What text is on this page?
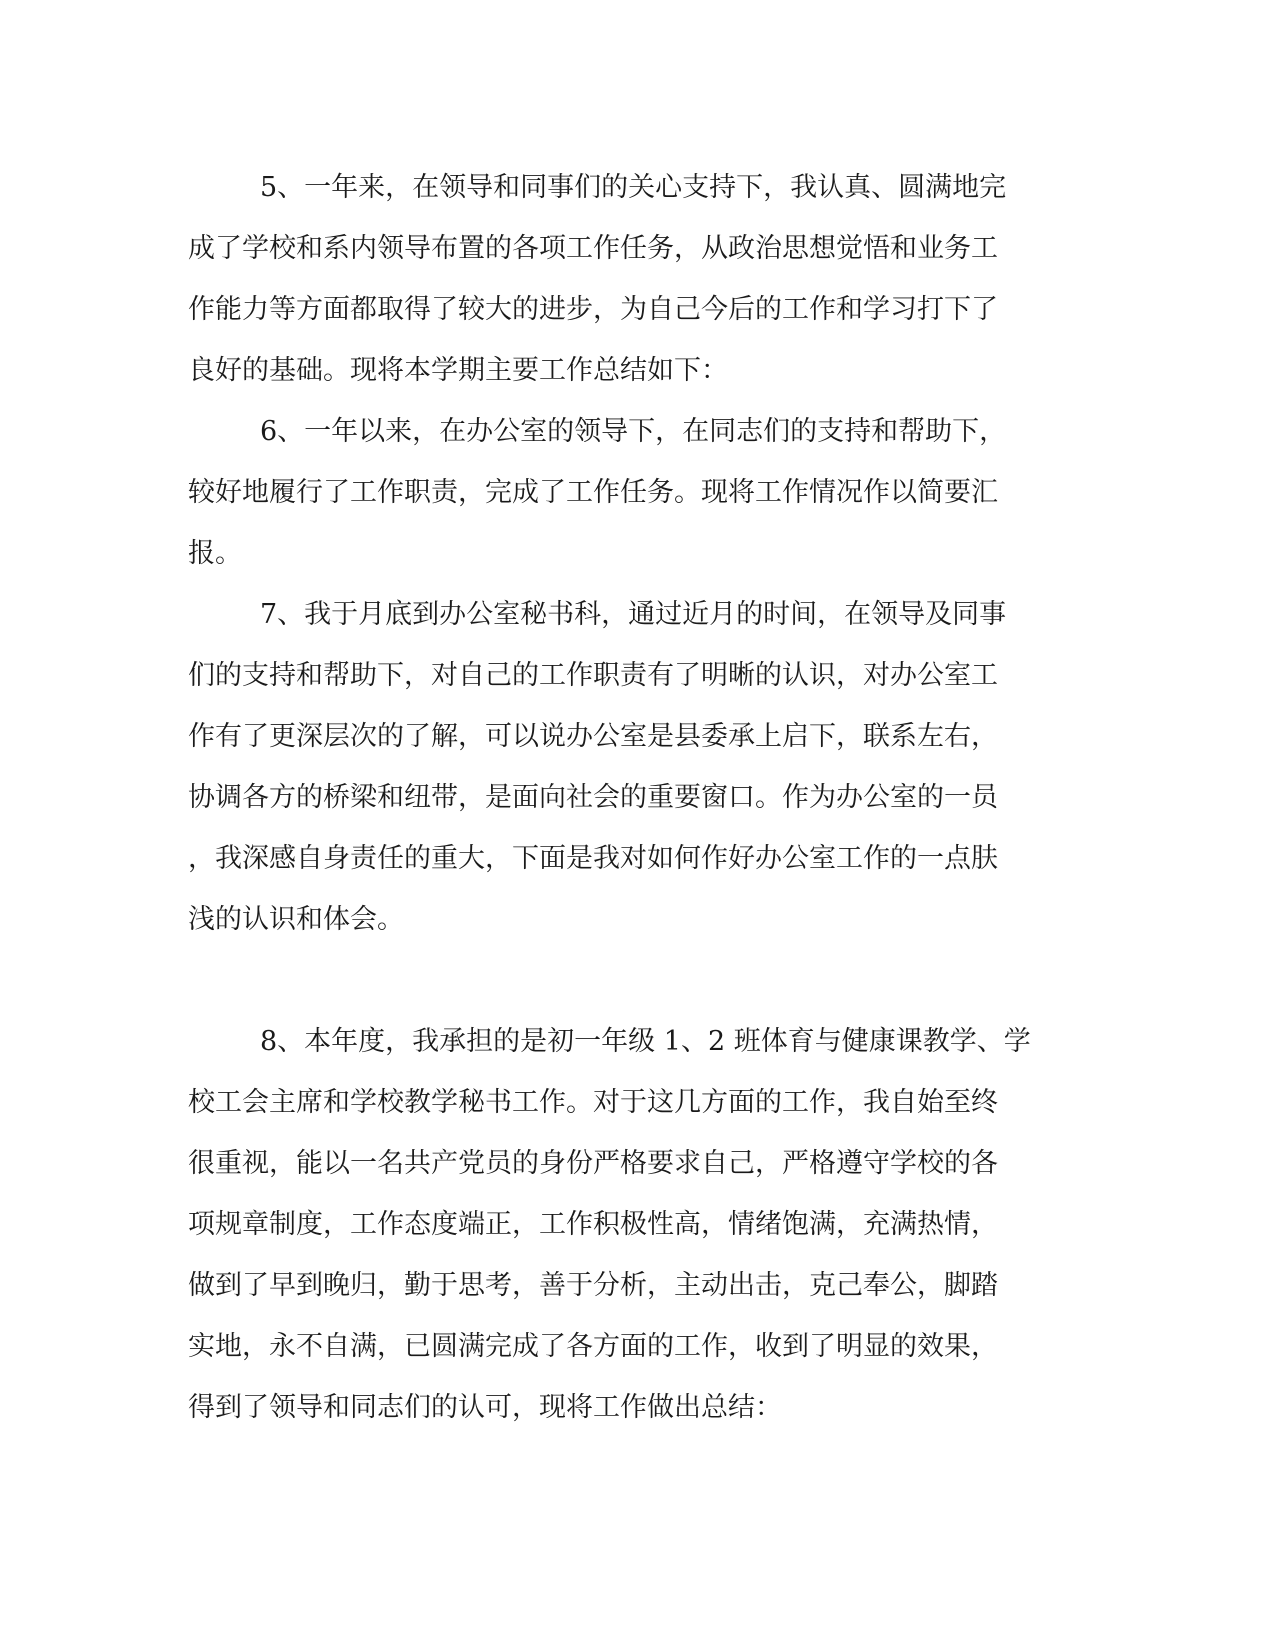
5、一年来，在领导和同事们的关心支持下，我认真、圆满地完
成了学校和系内领导布置的各项工作任务，从政治思想觉悟和业务工
作能力等方面都取得了较大的进步，为自己今后的工作和学习打下了
良好的基础。现将本学期主要工作总结如下：
6、一年以来，在办公室的领导下，在同志们的支持和帮助下，
较好地履行了工作职责，完成了工作任务。现将工作情况作以简要汇
报。
7、我于月底到办公室秘书科，通过近月的时间，在领导及同事
们的支持和帮助下，对自己的工作职责有了明晰的认识，对办公室工
作有了更深层次的了解，可以说办公室是县委承上启下，联系左右，
协调各方的桥梁和纽带，是面向社会的重要窗口。作为办公室的一员
，我深感自身责任的重大，下面是我对如何作好办公室工作的一点肤
浅的认识和体会。
8、本年度，我承担的是初一年级 1、2 班体育与健康课教学、学
校工会主席和学校教学秘书工作。对于这几方面的工作，我自始至终
很重视，能以一名共产党员的身份严格要求自己，严格遵守学校的各
项规章制度，工作态度端正，工作积极性高，情绪饱满，充满热情，
做到了早到晚归，勤于思考，善于分析，主动出击，克己奉公，脚踏
实地，永不自满，已圆满完成了各方面的工作，收到了明显的效果，
得到了领导和同志们的认可，现将工作做出总结：
